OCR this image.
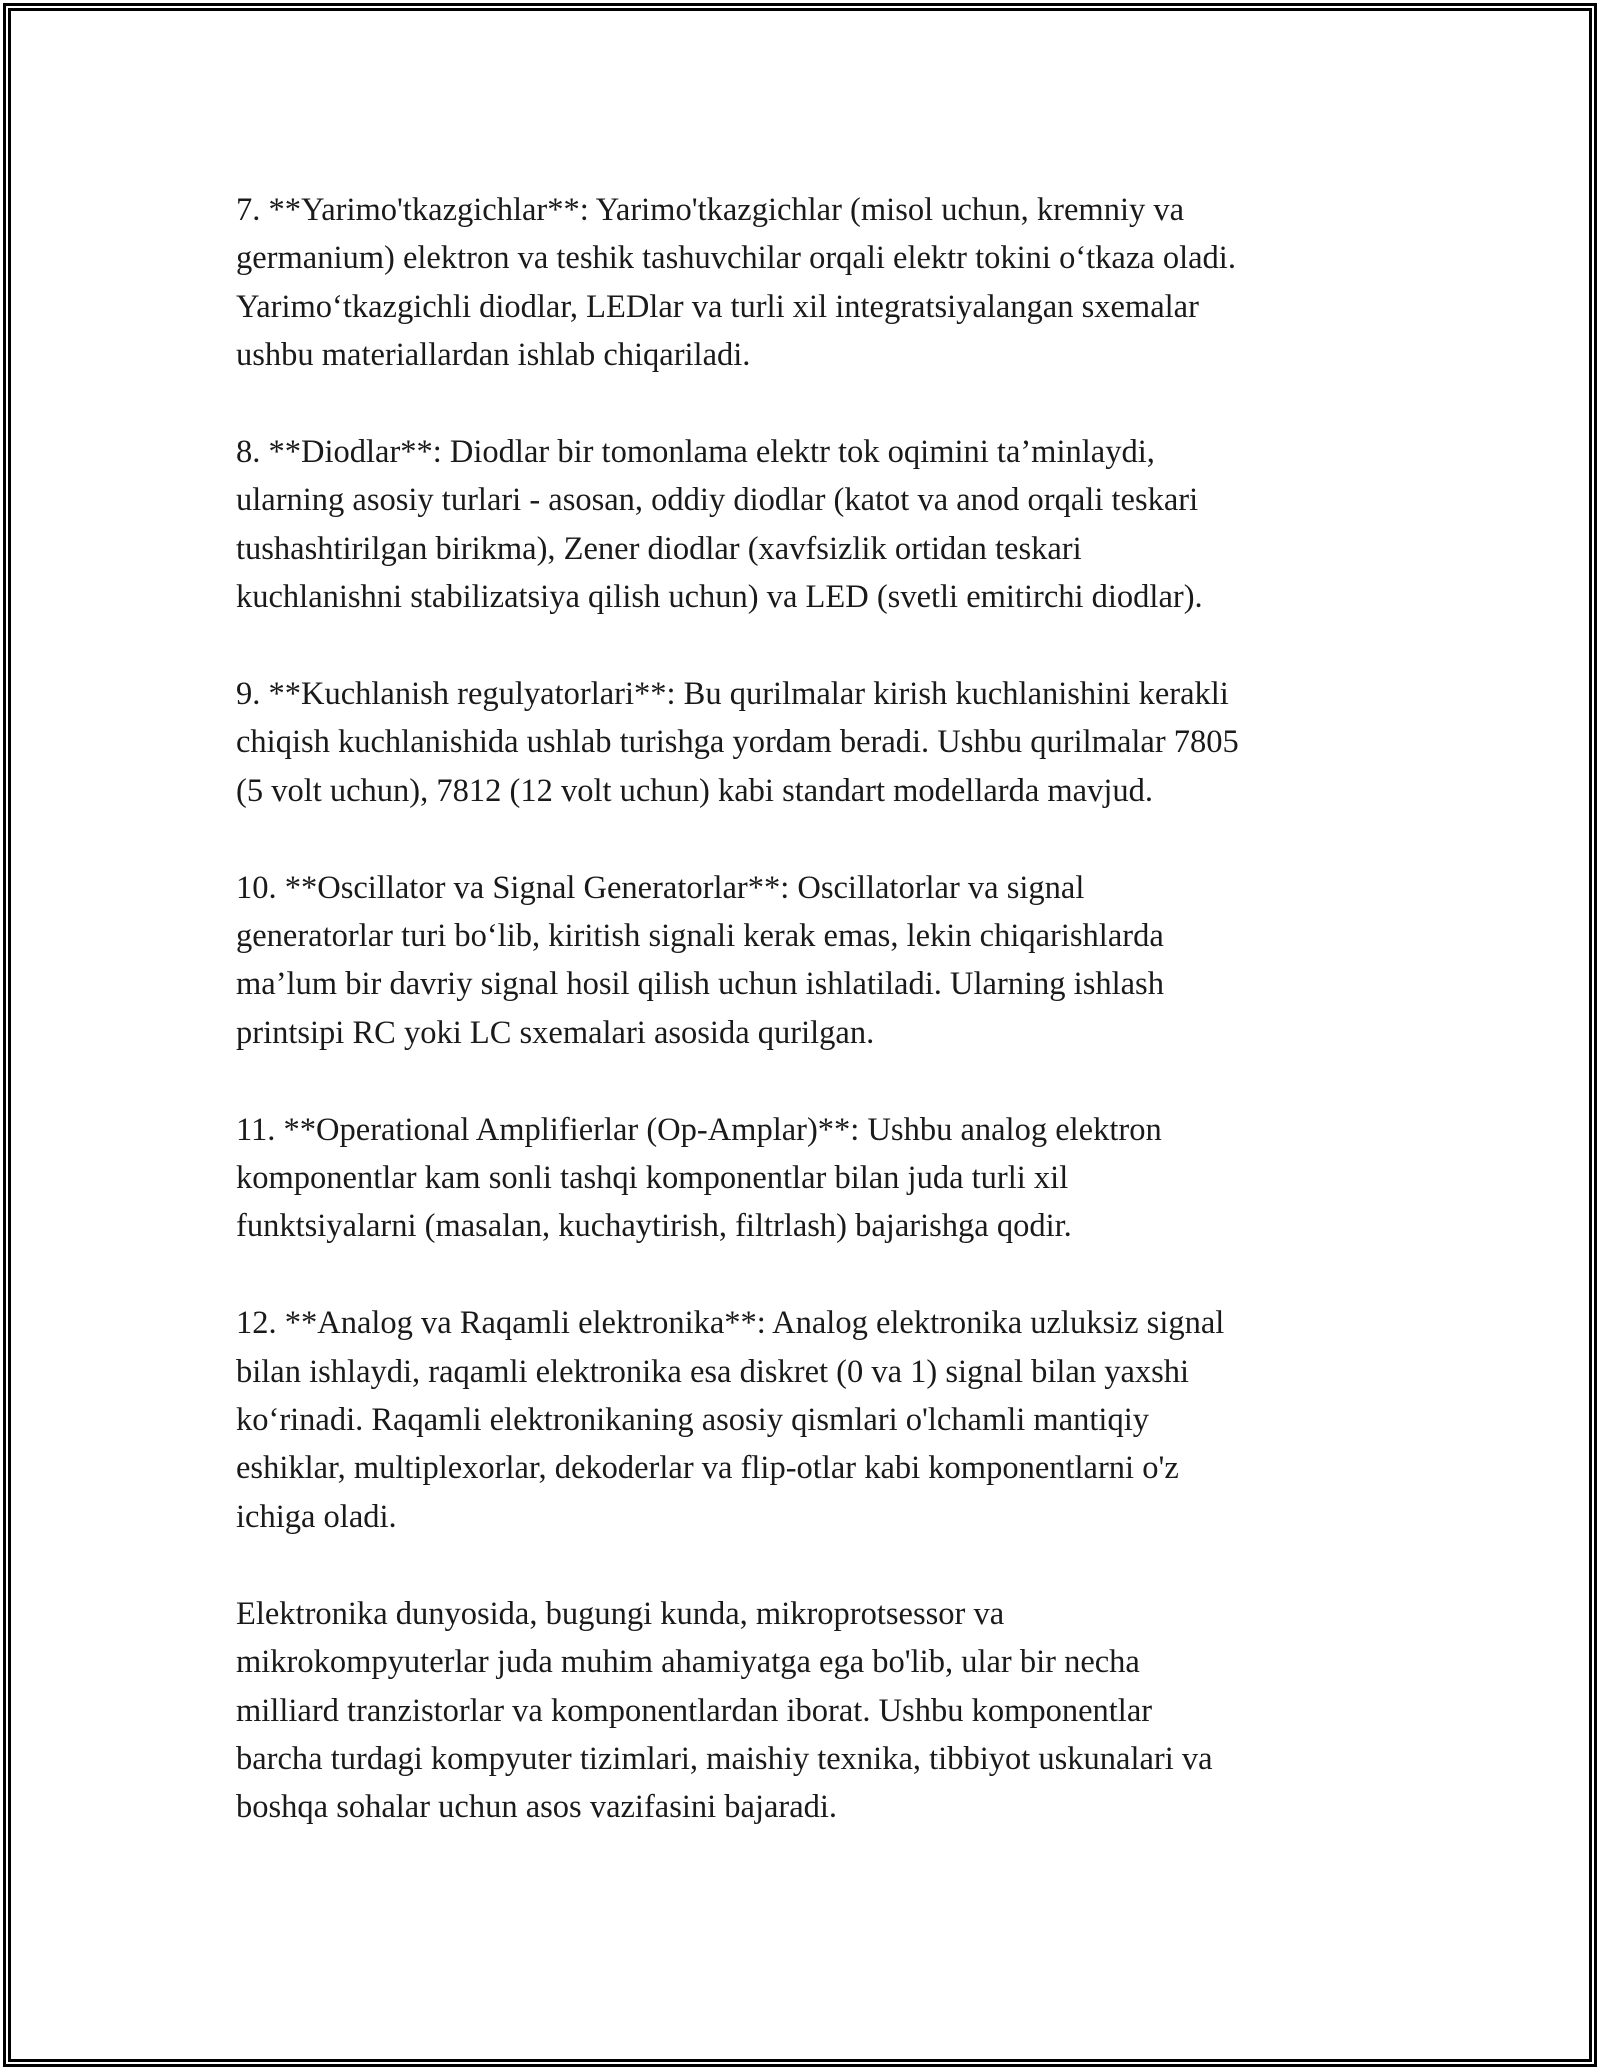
7. **Yarimo'tkazgichlar**: Yarimo'tkazgichlar (misol uchun, kremniy va
germanium) elektron va teshik tashuvchilar orqali elektr tokini o‘tkaza oladi.
Yarimo‘tkazgichli diodlar, LEDlar va turli xil integratsiyalangan sxemalar
ushbu materiallardan ishlab chiqariladi.

8. **Diodlar**: Diodlar bir tomonlama elektr tok oqimini ta’minlaydi,
ularning asosiy turlari - asosan, oddiy diodlar (katot va anod orqali teskari
tushashtirilgan birikma), Zener diodlar (xavfsizlik ortidan teskari
kuchlanishni stabilizatsiya qilish uchun) va LED (svetli emitirchi diodlar).

9. **Kuchlanish regulyatorlari**: Bu qurilmalar kirish kuchlanishini kerakli
chiqish kuchlanishida ushlab turishga yordam beradi. Ushbu qurilmalar 7805
(5 volt uchun), 7812 (12 volt uchun) kabi standart modellarda mavjud.

10. **Oscillator va Signal Generatorlar**: Oscillatorlar va signal
generatorlar turi bo‘lib, kiritish signali kerak emas, lekin chiqarishlarda
ma’lum bir davriy signal hosil qilish uchun ishlatiladi. Ularning ishlash
printsipi RC yoki LC sxemalari asosida qurilgan.

11. **Operational Amplifierlar (Op-Amplar)**: Ushbu analog elektron
komponentlar kam sonli tashqi komponentlar bilan juda turli xil
funktsiyalarni (masalan, kuchaytirish, filtrlash) bajarishga qodir.

12. **Analog va Raqamli elektronika**: Analog elektronika uzluksiz signal
bilan ishlaydi, raqamli elektronika esa diskret (0 va 1) signal bilan yaxshi
ko‘rinadi. Raqamli elektronikaning asosiy qismlari o'lchamli mantiqiy
eshiklar, multiplexorlar, dekoderlar va flip-otlar kabi komponentlarni o'z
ichiga oladi.

Elektronika dunyosida, bugungi kunda, mikroprotsessor va
mikrokompyuterlar juda muhim ahamiyatga ega bo'lib, ular bir necha
milliard tranzistorlar va komponentlardan iborat. Ushbu komponentlar
barcha turdagi kompyuter tizimlari, maishiy texnika, tibbiyot uskunalari va
boshqa sohalar uchun asos vazifasini bajaradi.
